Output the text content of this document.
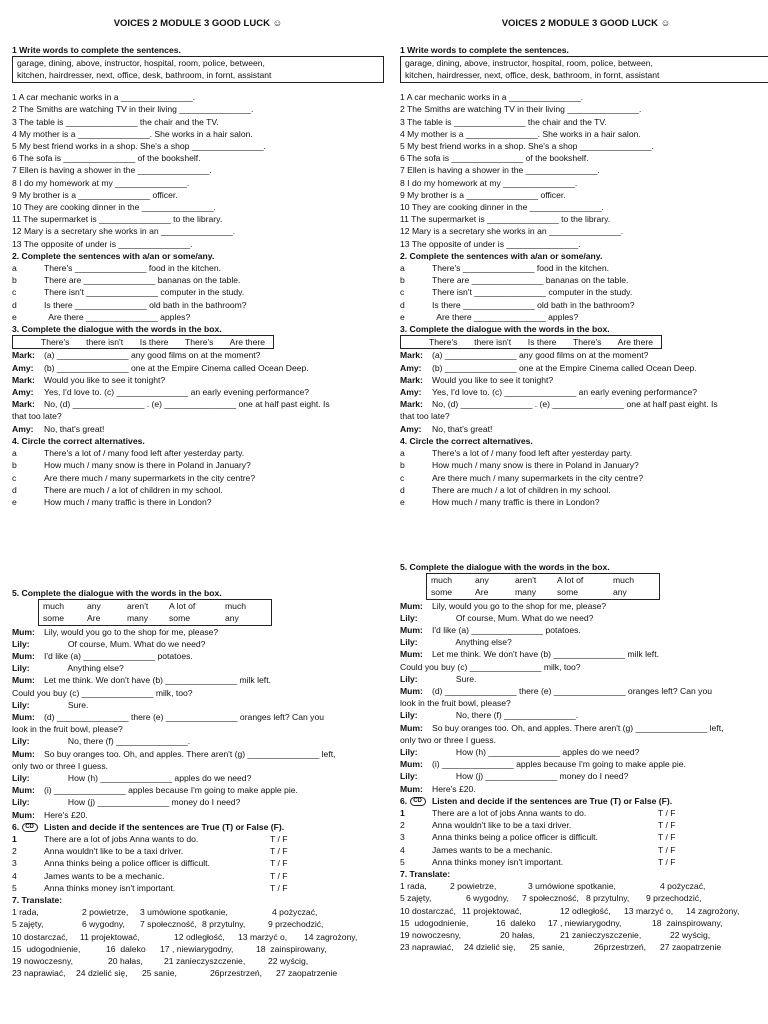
VOICES 2 MODULE 3 GOOD LUCK ☺
1 Write words to complete the sentences.
garage, dining, above, instructor, hospital, room, police, between,
kitchen, hairdresser, next, office, desk, bathroom, in fornt, assistant
1 A car mechanic works in a _______________.
2 The Smiths are watching TV in their living _______________.
3 The table is _______________ the chair and the TV.
4 My mother is a _______________. She works in a hair salon.
5 My best friend works in a shop. She's a shop _______________.
6 The sofa is _______________ of the bookshelf.
7 Ellen is having a shower in the _______________.
8 I do my homework at my _______________.
9 My brother is a _______________ officer.
10 They are cooking dinner in the _______________.
11 The supermarket is _______________ to the library.
12 Mary is a secretary she works in an _______________.
13 The opposite of under is _______________.
2. Complete the sentences with a/an or some/any.
a	There's _______________ food in the kitchen.
b	There are _______________ bananas on the table.
c	There isn't _______________ computer in the study.
d	Is there _______________ old bath in the bathroom?
e	Are there _______________ apples?
3. Complete the dialogue with the words in the box.
There's       there isn't       Is there       There's       Are there
Mark:	(a) _______________ any good films on at the moment?
Amy:	(b) _______________ one at the Empire Cinema called Ocean Deep.
Mark:	Would you like to see it tonight?
Amy:	Yes, I'd love to. (c) _______________ an early evening performance?
Mark:	No, (d) _______________ . (e) _______________ one at half past eight. Is
that too late?
Amy:	No, that's great!
4. Circle the correct alternatives.
a	There's a lot of / many food left after yesterday party.
b	How much / many snow is there in Poland in January?
c	Are there much / many supermarkets in the city centre?
d	There are much / a lot of children in my school.
e	How much / many traffic is there in London?
5. Complete the dialogue with the words in the box.
much	any	aren't	A lot of	much
some	Are	many	some	any
Mum:	Lily, would you go to the shop for me, please?
Lily:	Of course, Mum. What do we need?
Mum:	I'd like (a) _______________ potatoes.
Lily:	Anything else?
Mum:	Let me think. We don't have (b) _______________ milk left.
Could you buy (c) _______________ milk, too?
Lily:	Sure.
Mum:	(d) _______________ there (e) _______________ oranges left? Can you
look in the fruit bowl, please?
Lily:	No, there (f) _______________.
Mum:	So buy oranges too. Oh, and apples. There aren't (g) _______________ left,
only two or three I guess.
Lily:	How (h) _______________ apples do we need?
Mum:	(i) _______________ apples because I'm going to make apple pie.
Lily:	How (j) _______________ money do I need?
Mum:	Here's £20.
6. CD Listen and decide if the sentences are True (T) or False (F).
1	There are a lot of jobs Anna wants to do.	T / F
2	Anna wouldn't like to be a taxi driver.	T / F
3	Anna thinks being a police officer is difficult.	T / F
4	James wants to be a mechanic.	T / F
5	Anna thinks money isn't important.	T / F
7. Translate:
1 rada,	2 powietrze,	3 umówione spotkanie,	4 pożyczać,
5 zajęty,	6 wygodny,	7 społeczność, 8 przytulny,	9 przechodzić,
10 dostarczać,	11 projektować,	12 odległość,	13 marzyć o,	14 zagrożony,
15  udogodnienie,	16  dalekо	17 , niewiarygodny,	18  zainspirowany,
19 nowoczesny,	20 hałas,	21 zanieczyszczenie,	22 wyścig,
23 naprawiać,	24 dzielić się,	25 sanie,	26przestrzeń,	27 zaopatrzenie
VOICES 2 MODULE 3 GOOD LUCK ☺
1 Write words to complete the sentences.
garage, dining, above, instructor, hospital, room, police, between,
kitchen, hairdresser, next, office, desk, bathroom, in fornt, assistant
1 A car mechanic works in a _______________.
2 The Smiths are watching TV in their living _______________.
3 The table is _______________ the chair and the TV.
4 My mother is a _______________. She works in a hair salon.
5 My best friend works in a shop. She's a shop _______________.
6 The sofa is _______________ of the bookshelf.
7 Ellen is having a shower in the _______________.
8 I do my homework at my _______________.
9 My brother is a _______________ officer.
10 They are cooking dinner in the _______________.
11 The supermarket is _______________ to the library.
12 Mary is a secretary she works in an _______________.
13 The opposite of under is _______________.
2. Complete the sentences with a/an or some/any.
a	There's _______________ food in the kitchen.
b	There are _______________ bananas on the table.
c	There isn't _______________ computer in the study.
d	Is there _______________ old bath in the bathroom?
e	Are there _______________ apples?
3. Complete the dialogue with the words in the box.
There's       there isn't       Is there       There's       Are there
Mark:	(a) _______________ any good films on at the moment?
Amy:	(b) _______________ one at the Empire Cinema called Ocean Deep.
Mark:	Would you like to see it tonight?
Amy:	Yes, I'd love to. (c) _______________ an early evening performance?
Mark:	No, (d) _______________ . (e) _______________ one at half past eight. Is
that too late?
Amy:	No, that's great!
4. Circle the correct alternatives.
a	There's a lot of / many food left after yesterday party.
b	How much / many snow is there in Poland in January?
c	Are there much / many supermarkets in the city centre?
d	There are much / a lot of children in my school.
e	How much / many traffic is there in London?
5. Complete the dialogue with the words in the box.
much	any	aren't	A lot of	much
some	Are	many	some	any
Mum:	Lily, would you go to the shop for me, please?
Lily:	Of course, Mum. What do we need?
Mum:	I'd like (a) _______________ potatoes.
Lily:	Anything else?
Mum:	Let me think. We don't have (b) _______________ milk left.
Could you buy (c) _______________ milk, too?
Lily:	Sure.
Mum:	(d) _______________ there (e) _______________ oranges left? Can you
look in the fruit bowl, please?
Lily:	No, there (f) _______________.
Mum:	So buy oranges too. Oh, and apples. There aren't (g) _______________ left,
only two or three I guess.
Lily:	How (h) _______________ apples do we need?
Mum:	(i) _______________ apples because I'm going to make apple pie.
Lily:	How (j) _______________ money do I need?
Mum:	Here's £20.
6. CD Listen and decide if the sentences are True (T) or False (F).
1	There are a lot of jobs Anna wants to do.	T / F
2	Anna wouldn't like to be a taxi driver.	T / F
3	Anna thinks being a police officer is difficult.	T / F
4	James wants to be a mechanic.	T / F
5	Anna thinks money isn't important.	T / F
7. Translate:
1 rada,	2 powietrze,	3 umówione spotkanie,	4 pożyczać,
5 zajęty,	6 wygodny,	7 społeczność, 8 przytulny,	9 przechodzić,
10 dostarczać, 11 projektować,	12 odległość,	13 marzyć o,	14 zagrożony,
15  udogodnienie,	16  dalekо	17 , niewiarygodny,	18  zainspirowany,
19 nowoczesny,	20 hałas,	21 zanieczyszczenie,	22 wyścig,
23 naprawiać,	24 dzielić się,	25 sanie,	26przestrzeń,	27 zaopatrzenie
